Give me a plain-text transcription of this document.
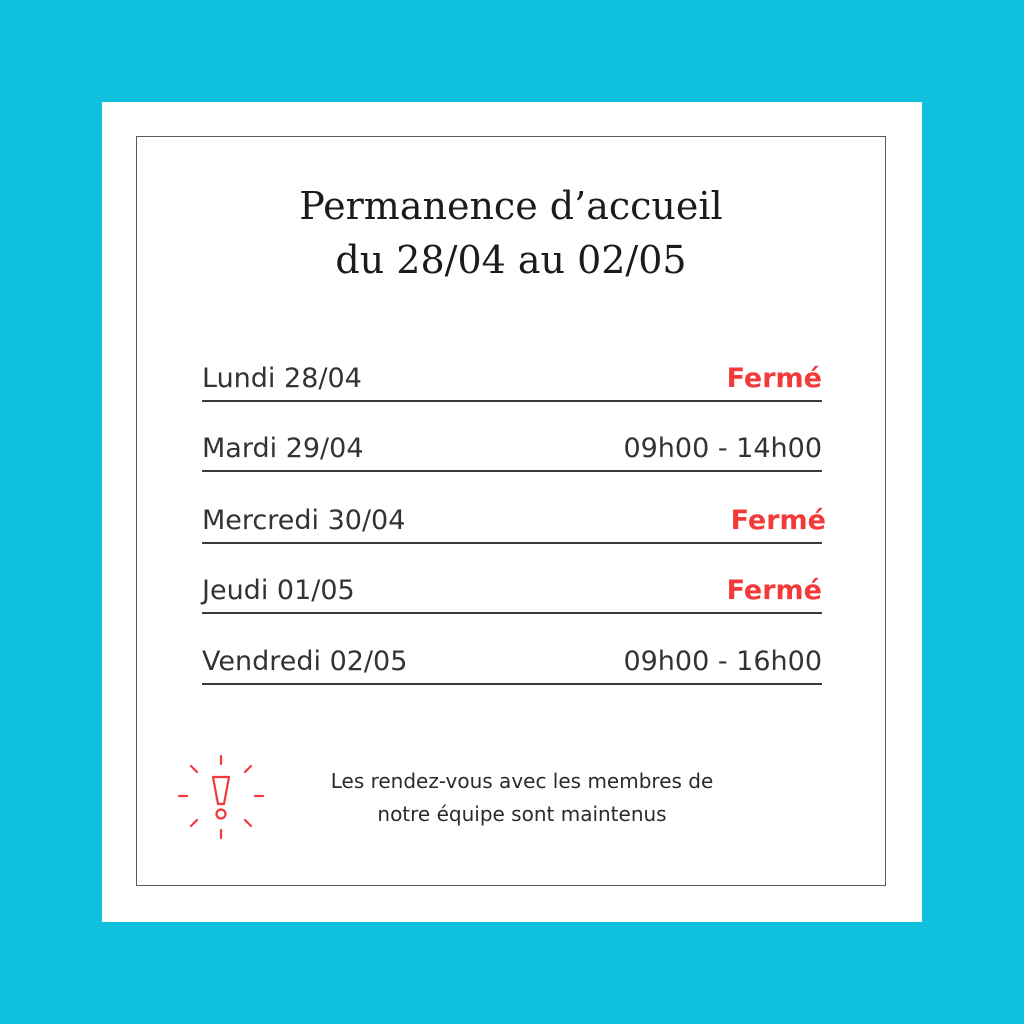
Permanence d’accueil
du 28/04 au 02/05
Lundi 28/04	Fermé
Mardi 29/04	09h00 - 14h00
Mercredi 30/04	Fermé
Jeudi 01/05	Fermé
Vendredi 02/05	09h00 - 16h00

Les rendez-vous avec les membres de

notre équipe sont maintenus
